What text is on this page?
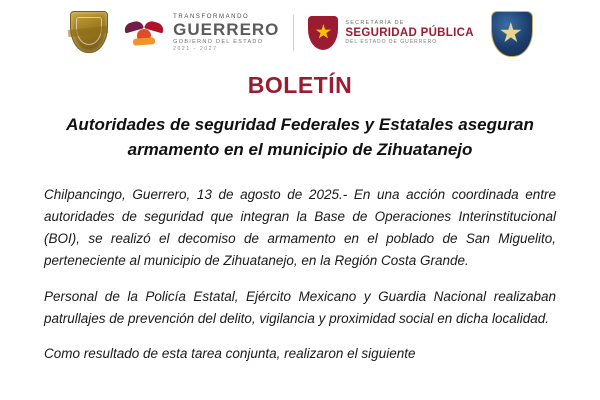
TRANSFORMANDO
GUERRERO
GOBIERNO DEL ESTADO
2021 - 2027
SECRETARÍA DE
SEGURIDAD PÚBLICA
DEL ESTADO DE GUERRERO
BOLETÍN
Autoridades de seguridad Federales y Estatales aseguran armamento en el municipio de Zihuatanejo

Chilpancingo, Guerrero, 13 de agosto de 2025.- En una acción coordinada entre autoridades de seguridad que integran la Base de Operaciones Interinstitucional (BOI), se realizó el decomiso de armamento en el poblado de San Miguelito, perteneciente al municipio de Zihuatanejo, en la Región Costa Grande.

Personal de la Policía Estatal, Ejército Mexicano y Guardia Nacional realizaban patrullajes de prevención del delito, vigilancia y proximidad social en dicha localidad.

Como resultado de esta tarea conjunta, realizaron el siguiente
